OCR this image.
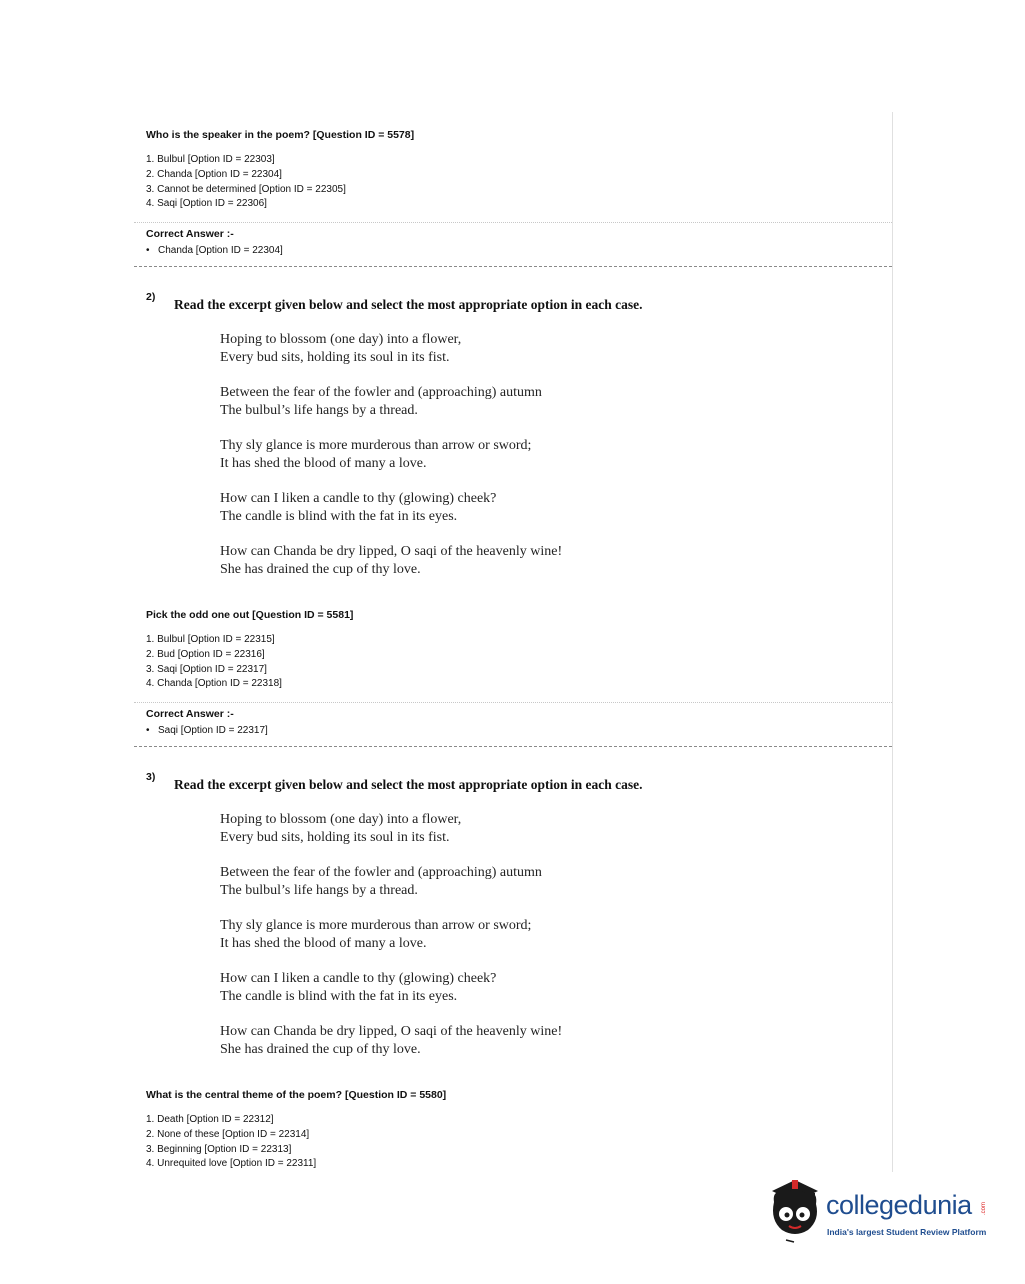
Who is the speaker in the poem? [Question ID = 5578]
1. Bulbul [Option ID = 22303]
2. Chanda [Option ID = 22304]
3. Cannot be determined [Option ID = 22305]
4. Saqi [Option ID = 22306]
Correct Answer :-
• Chanda [Option ID = 22304]
2) Read the excerpt given below and select the most appropriate option in each case.
Hoping to blossom (one day) into a flower,
Every bud sits, holding its soul in its fist.
Between the fear of the fowler and (approaching) autumn
The bulbul’s life hangs by a thread.
Thy sly glance is more murderous than arrow or sword;
It has shed the blood of many a love.
How can I liken a candle to thy (glowing) cheek?
The candle is blind with the fat in its eyes.
How can Chanda be dry lipped, O saqi of the heavenly wine!
She has drained the cup of thy love.
Pick the odd one out [Question ID = 5581]
1. Bulbul [Option ID = 22315]
2. Bud [Option ID = 22316]
3. Saqi [Option ID = 22317]
4. Chanda [Option ID = 22318]
Correct Answer :-
• Saqi [Option ID = 22317]
3) Read the excerpt given below and select the most appropriate option in each case.
Hoping to blossom (one day) into a flower,
Every bud sits, holding its soul in its fist.
Between the fear of the fowler and (approaching) autumn
The bulbul’s life hangs by a thread.
Thy sly glance is more murderous than arrow or sword;
It has shed the blood of many a love.
How can I liken a candle to thy (glowing) cheek?
The candle is blind with the fat in its eyes.
How can Chanda be dry lipped, O saqi of the heavenly wine!
She has drained the cup of thy love.
What is the central theme of the poem? [Question ID = 5580]
1. Death [Option ID = 22312]
2. None of these [Option ID = 22314]
3. Beginning [Option ID = 22313]
4. Unrequited love [Option ID = 22311]
collegedunia .com
India's largest Student Review Platform
